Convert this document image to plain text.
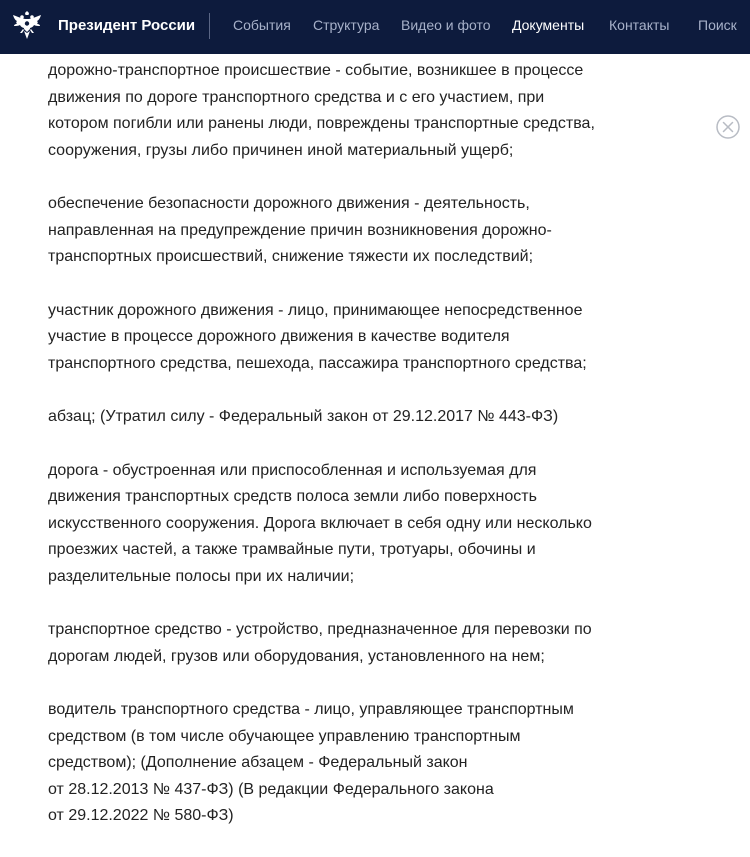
Президент России	События Структура Видео и фото Документы Контакты Поиск

дорожно-транспортное происшествие - событие, возникшее в процессе
движения по дороге транспортного средства и с его участием, при
котором погибли или ранены люди, повреждены транспортные средства,
сооружения, грузы либо причинен иной материальный ущерб;

обеспечение безопасности дорожного движения - деятельность,
направленная на предупреждение причин возникновения дорожно-
транспортных происшествий, снижение тяжести их последствий;

участник дорожного движения - лицо, принимающее непосредственное
участие в процессе дорожного движения в качестве водителя
транспортного средства, пешехода, пассажира транспортного средства;

абзац; (Утратил силу - Федеральный закон от 29.12.2017 № 443-ФЗ)

дорога - обустроенная или приспособленная и используемая для
движения транспортных средств полоса земли либо поверхность
искусственного сооружения. Дорога включает в себя одну или несколько
проезжих частей, а также трамвайные пути, тротуары, обочины и
разделительные полосы при их наличии;

транспортное средство - устройство, предназначенное для перевозки по
дорогам людей, грузов или оборудования, установленного на нем;

водитель транспортного средства - лицо, управляющее транспортным
средством (в том числе обучающее управлению транспортным
средством); (Дополнение абзацем - Федеральный закон
от 28.12.2013 № 437-ФЗ) (В редакции Федерального закона
от 29.12.2022 № 580-ФЗ)
